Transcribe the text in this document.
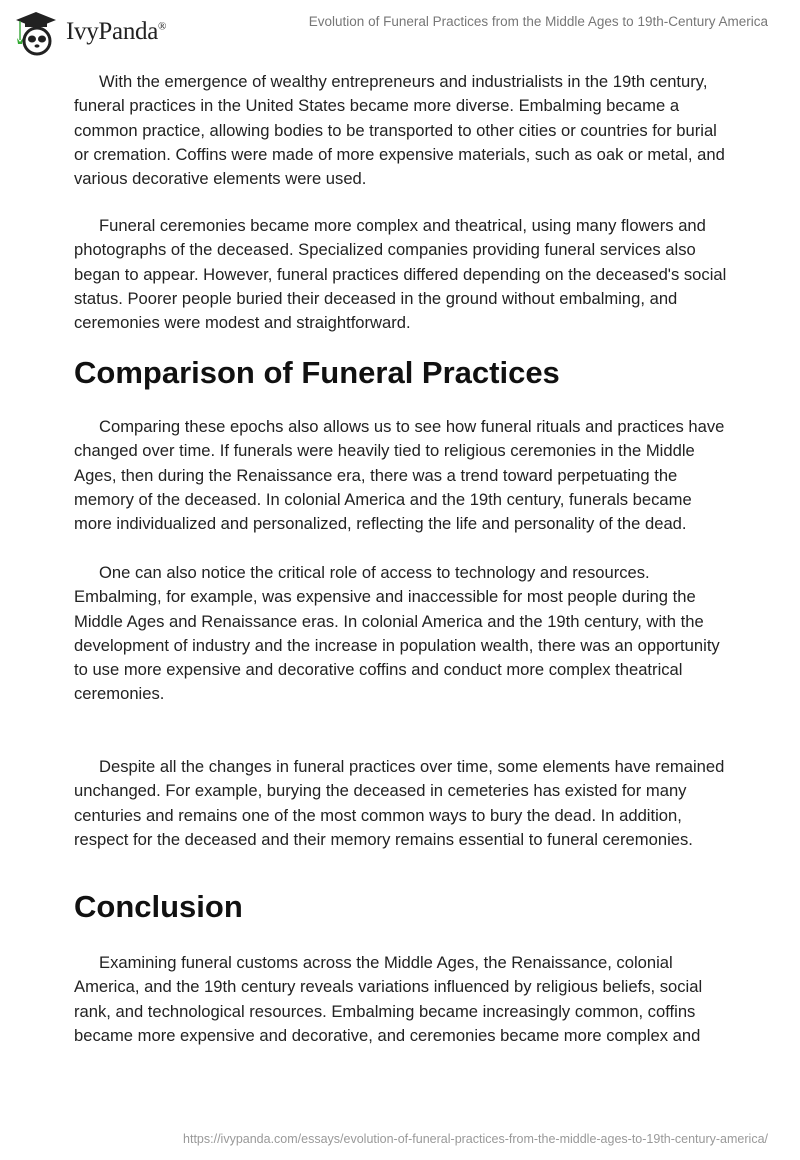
IvyPanda®	Evolution of Funeral Practices from the Middle Ages to 19th-Century America

With the emergence of wealthy entrepreneurs and industrialists in the 19th century, funeral practices in the United States became more diverse. Embalming became a common practice, allowing bodies to be transported to other cities or countries for burial or cremation. Coffins were made of more expensive materials, such as oak or metal, and various decorative elements were used.

Funeral ceremonies became more complex and theatrical, using many flowers and photographs of the deceased. Specialized companies providing funeral services also began to appear. However, funeral practices differed depending on the deceased's social status. Poorer people buried their deceased in the ground without embalming, and ceremonies were modest and straightforward.

Comparison of Funeral Practices

Comparing these epochs also allows us to see how funeral rituals and practices have changed over time. If funerals were heavily tied to religious ceremonies in the Middle Ages, then during the Renaissance era, there was a trend toward perpetuating the memory of the deceased. In colonial America and the 19th century, funerals became more individualized and personalized, reflecting the life and personality of the dead.

One can also notice the critical role of access to technology and resources. Embalming, for example, was expensive and inaccessible for most people during the Middle Ages and Renaissance eras. In colonial America and the 19th century, with the development of industry and the increase in population wealth, there was an opportunity to use more expensive and decorative coffins and conduct more complex theatrical ceremonies.

Despite all the changes in funeral practices over time, some elements have remained unchanged. For example, burying the deceased in cemeteries has existed for many centuries and remains one of the most common ways to bury the dead. In addition, respect for the deceased and their memory remains essential to funeral ceremonies.

Conclusion

Examining funeral customs across the Middle Ages, the Renaissance, colonial America, and the 19th century reveals variations influenced by religious beliefs, social rank, and technological resources. Embalming became increasingly common, coffins became more expensive and decorative, and ceremonies became more complex and

https://ivypanda.com/essays/evolution-of-funeral-practices-from-the-middle-ages-to-19th-century-america/
